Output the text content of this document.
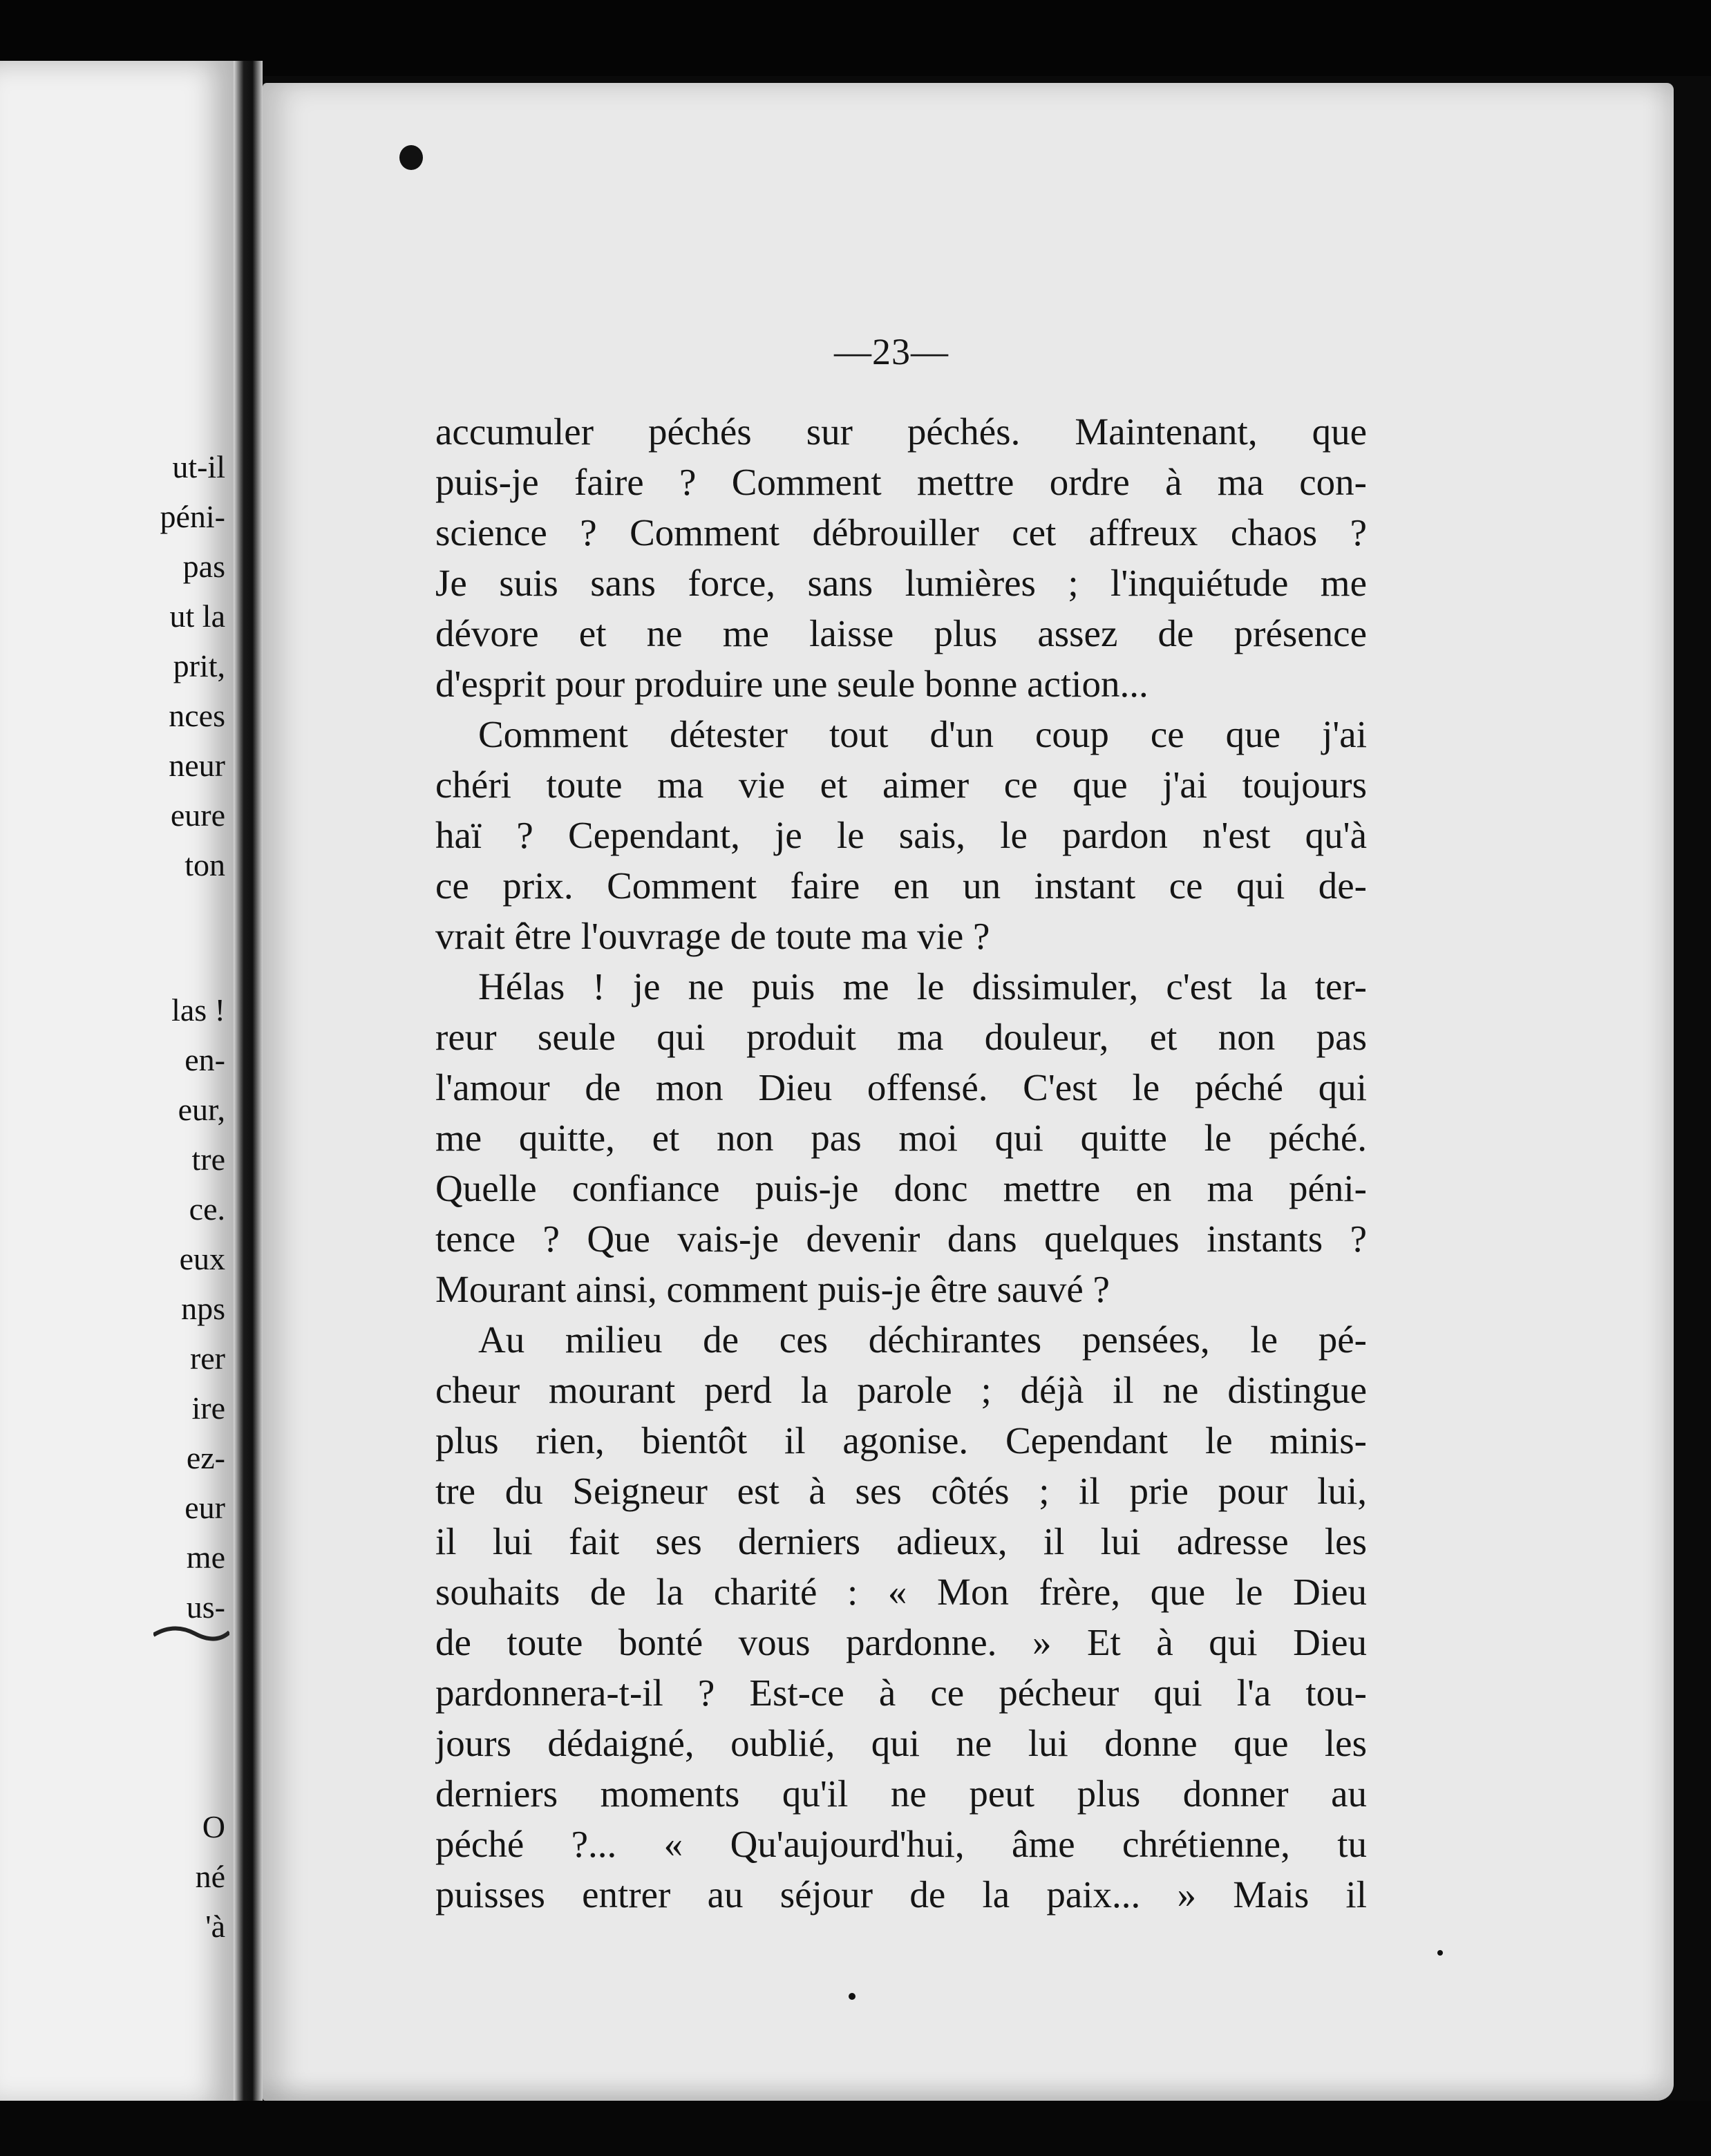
ut-il
péni-
pas
ut la
prit,
nces
neur
eure
ton
las !
en-
eur,
tre
ce.
eux
nps
rer
ire
ez-
eur
me
us-
O
né
'à
—23—
accumuler péchés sur péchés. Maintenant, que
puis-je faire ? Comment mettre ordre à ma con-
science ? Comment débrouiller cet affreux chaos ?
Je suis sans force, sans lumières ; l'inquiétude me
dévore et ne me laisse plus assez de présence
d'esprit pour produire une seule bonne action...
Comment détester tout d'un coup ce que j'ai
chéri toute ma vie et aimer ce que j'ai toujours
haï ? Cependant, je le sais, le pardon n'est qu'à
ce prix. Comment faire en un instant ce qui de-
vrait être l'ouvrage de toute ma vie ?
Hélas ! je ne puis me le dissimuler, c'est la ter-
reur seule qui produit ma douleur, et non pas
l'amour de mon Dieu offensé. C'est le péché qui
me quitte, et non pas moi qui quitte le péché.
Quelle confiance puis-je donc mettre en ma péni-
tence ? Que vais-je devenir dans quelques instants ?
Mourant ainsi, comment puis-je être sauvé ?
Au milieu de ces déchirantes pensées, le pé-
cheur mourant perd la parole ; déjà il ne distingue
plus rien, bientôt il agonise. Cependant le minis-
tre du Seigneur est à ses côtés ; il prie pour lui,
il lui fait ses derniers adieux, il lui adresse les
souhaits de la charité : « Mon frère, que le Dieu
de toute bonté vous pardonne. » Et à qui Dieu
pardonnera-t-il ? Est-ce à ce pécheur qui l'a tou-
jours dédaigné, oublié, qui ne lui donne que les
derniers moments qu'il ne peut plus donner au
péché ?... « Qu'aujourd'hui, âme chrétienne, tu
puisses entrer au séjour de la paix... » Mais il
